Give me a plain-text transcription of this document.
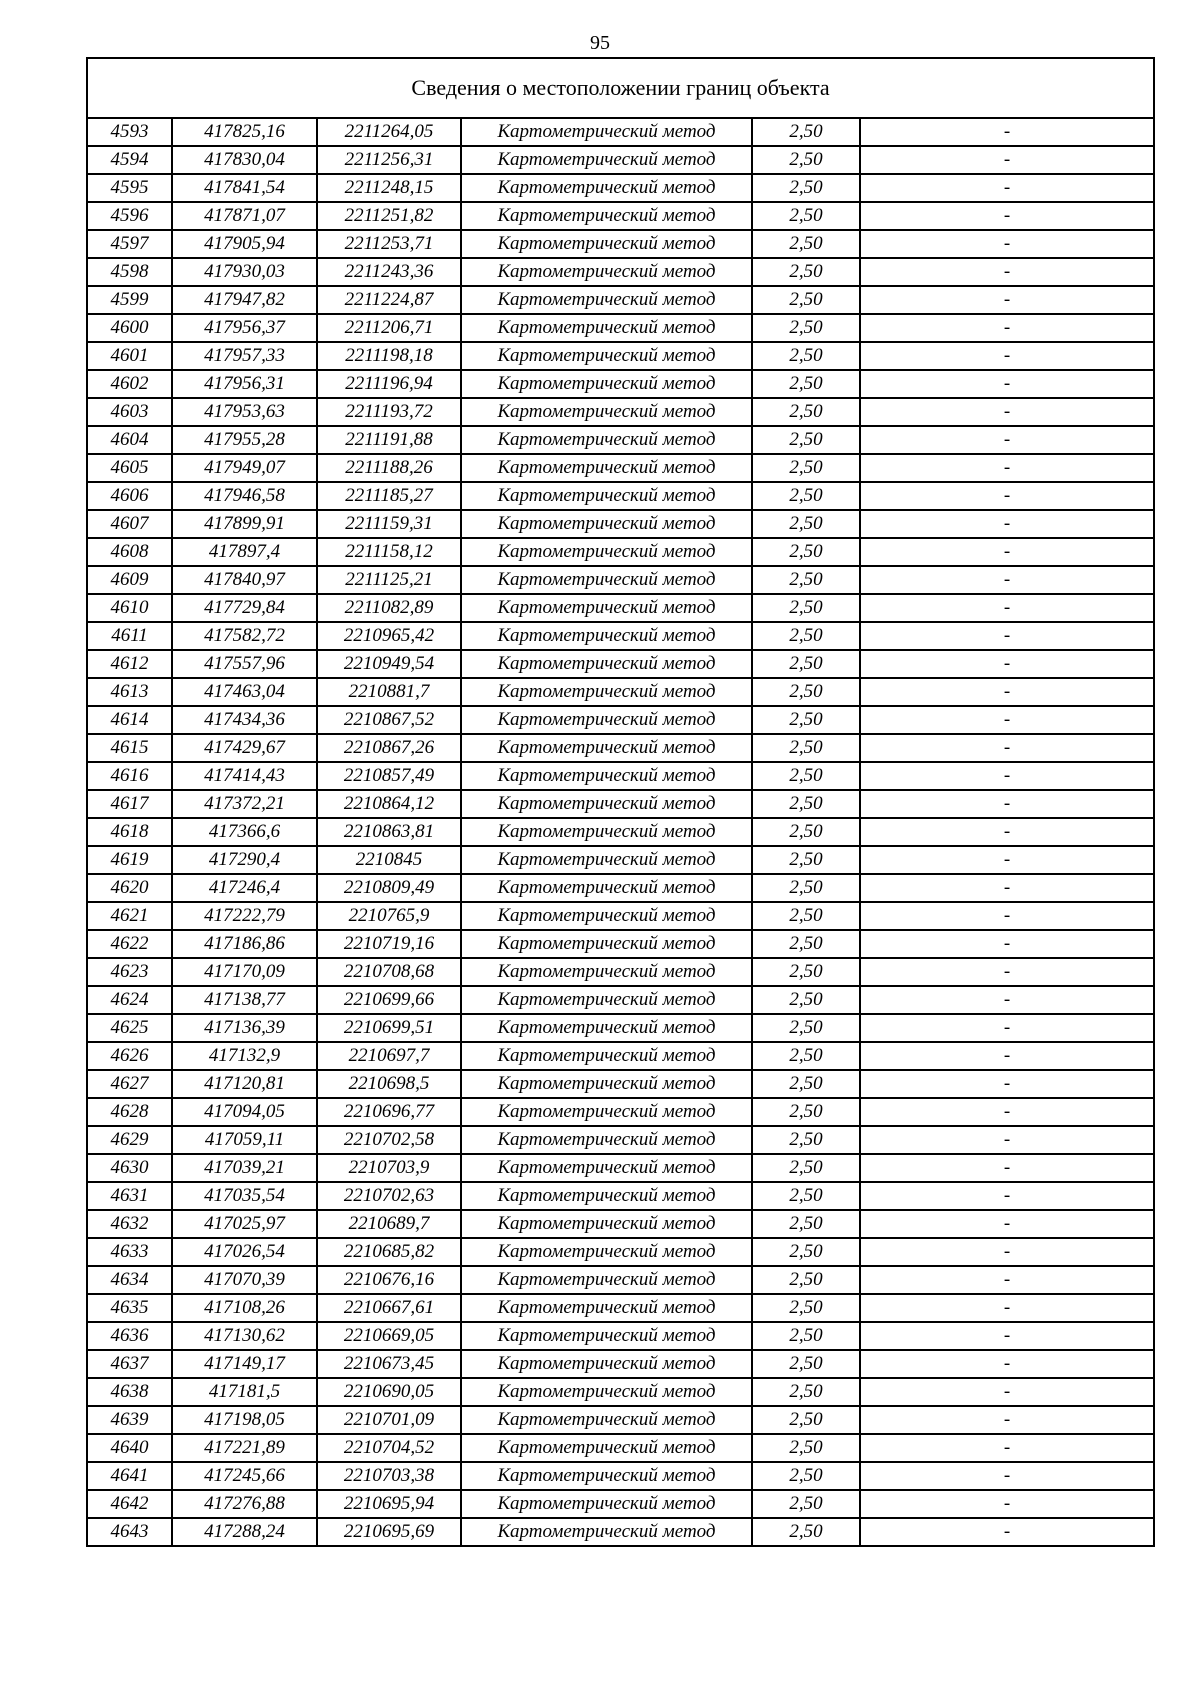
95
Сведения о местоположении границ объекта					
4593	417825,16	2211264,05	Картометрический метод	2,50	-
4594	417830,04	2211256,31	Картометрический метод	2,50	-
4595	417841,54	2211248,15	Картометрический метод	2,50	-
4596	417871,07	2211251,82	Картометрический метод	2,50	-
4597	417905,94	2211253,71	Картометрический метод	2,50	-
4598	417930,03	2211243,36	Картометрический метод	2,50	-
4599	417947,82	2211224,87	Картометрический метод	2,50	-
4600	417956,37	2211206,71	Картометрический метод	2,50	-
4601	417957,33	2211198,18	Картометрический метод	2,50	-
4602	417956,31	2211196,94	Картометрический метод	2,50	-
4603	417953,63	2211193,72	Картометрический метод	2,50	-
4604	417955,28	2211191,88	Картометрический метод	2,50	-
4605	417949,07	2211188,26	Картометрический метод	2,50	-
4606	417946,58	2211185,27	Картометрический метод	2,50	-
4607	417899,91	2211159,31	Картометрический метод	2,50	-
4608	417897,4	2211158,12	Картометрический метод	2,50	-
4609	417840,97	2211125,21	Картометрический метод	2,50	-
4610	417729,84	2211082,89	Картометрический метод	2,50	-
4611	417582,72	2210965,42	Картометрический метод	2,50	-
4612	417557,96	2210949,54	Картометрический метод	2,50	-
4613	417463,04	2210881,7	Картометрический метод	2,50	-
4614	417434,36	2210867,52	Картометрический метод	2,50	-
4615	417429,67	2210867,26	Картометрический метод	2,50	-
4616	417414,43	2210857,49	Картометрический метод	2,50	-
4617	417372,21	2210864,12	Картометрический метод	2,50	-
4618	417366,6	2210863,81	Картометрический метод	2,50	-
4619	417290,4	2210845	Картометрический метод	2,50	-
4620	417246,4	2210809,49	Картометрический метод	2,50	-
4621	417222,79	2210765,9	Картометрический метод	2,50	-
4622	417186,86	2210719,16	Картометрический метод	2,50	-
4623	417170,09	2210708,68	Картометрический метод	2,50	-
4624	417138,77	2210699,66	Картометрический метод	2,50	-
4625	417136,39	2210699,51	Картометрический метод	2,50	-
4626	417132,9	2210697,7	Картометрический метод	2,50	-
4627	417120,81	2210698,5	Картометрический метод	2,50	-
4628	417094,05	2210696,77	Картометрический метод	2,50	-
4629	417059,11	2210702,58	Картометрический метод	2,50	-
4630	417039,21	2210703,9	Картометрический метод	2,50	-
4631	417035,54	2210702,63	Картометрический метод	2,50	-
4632	417025,97	2210689,7	Картометрический метод	2,50	-
4633	417026,54	2210685,82	Картометрический метод	2,50	-
4634	417070,39	2210676,16	Картометрический метод	2,50	-
4635	417108,26	2210667,61	Картометрический метод	2,50	-
4636	417130,62	2210669,05	Картометрический метод	2,50	-
4637	417149,17	2210673,45	Картометрический метод	2,50	-
4638	417181,5	2210690,05	Картометрический метод	2,50	-
4639	417198,05	2210701,09	Картометрический метод	2,50	-
4640	417221,89	2210704,52	Картометрический метод	2,50	-
4641	417245,66	2210703,38	Картометрический метод	2,50	-
4642	417276,88	2210695,94	Картометрический метод	2,50	-
4643	417288,24	2210695,69	Картометрический метод	2,50	-
